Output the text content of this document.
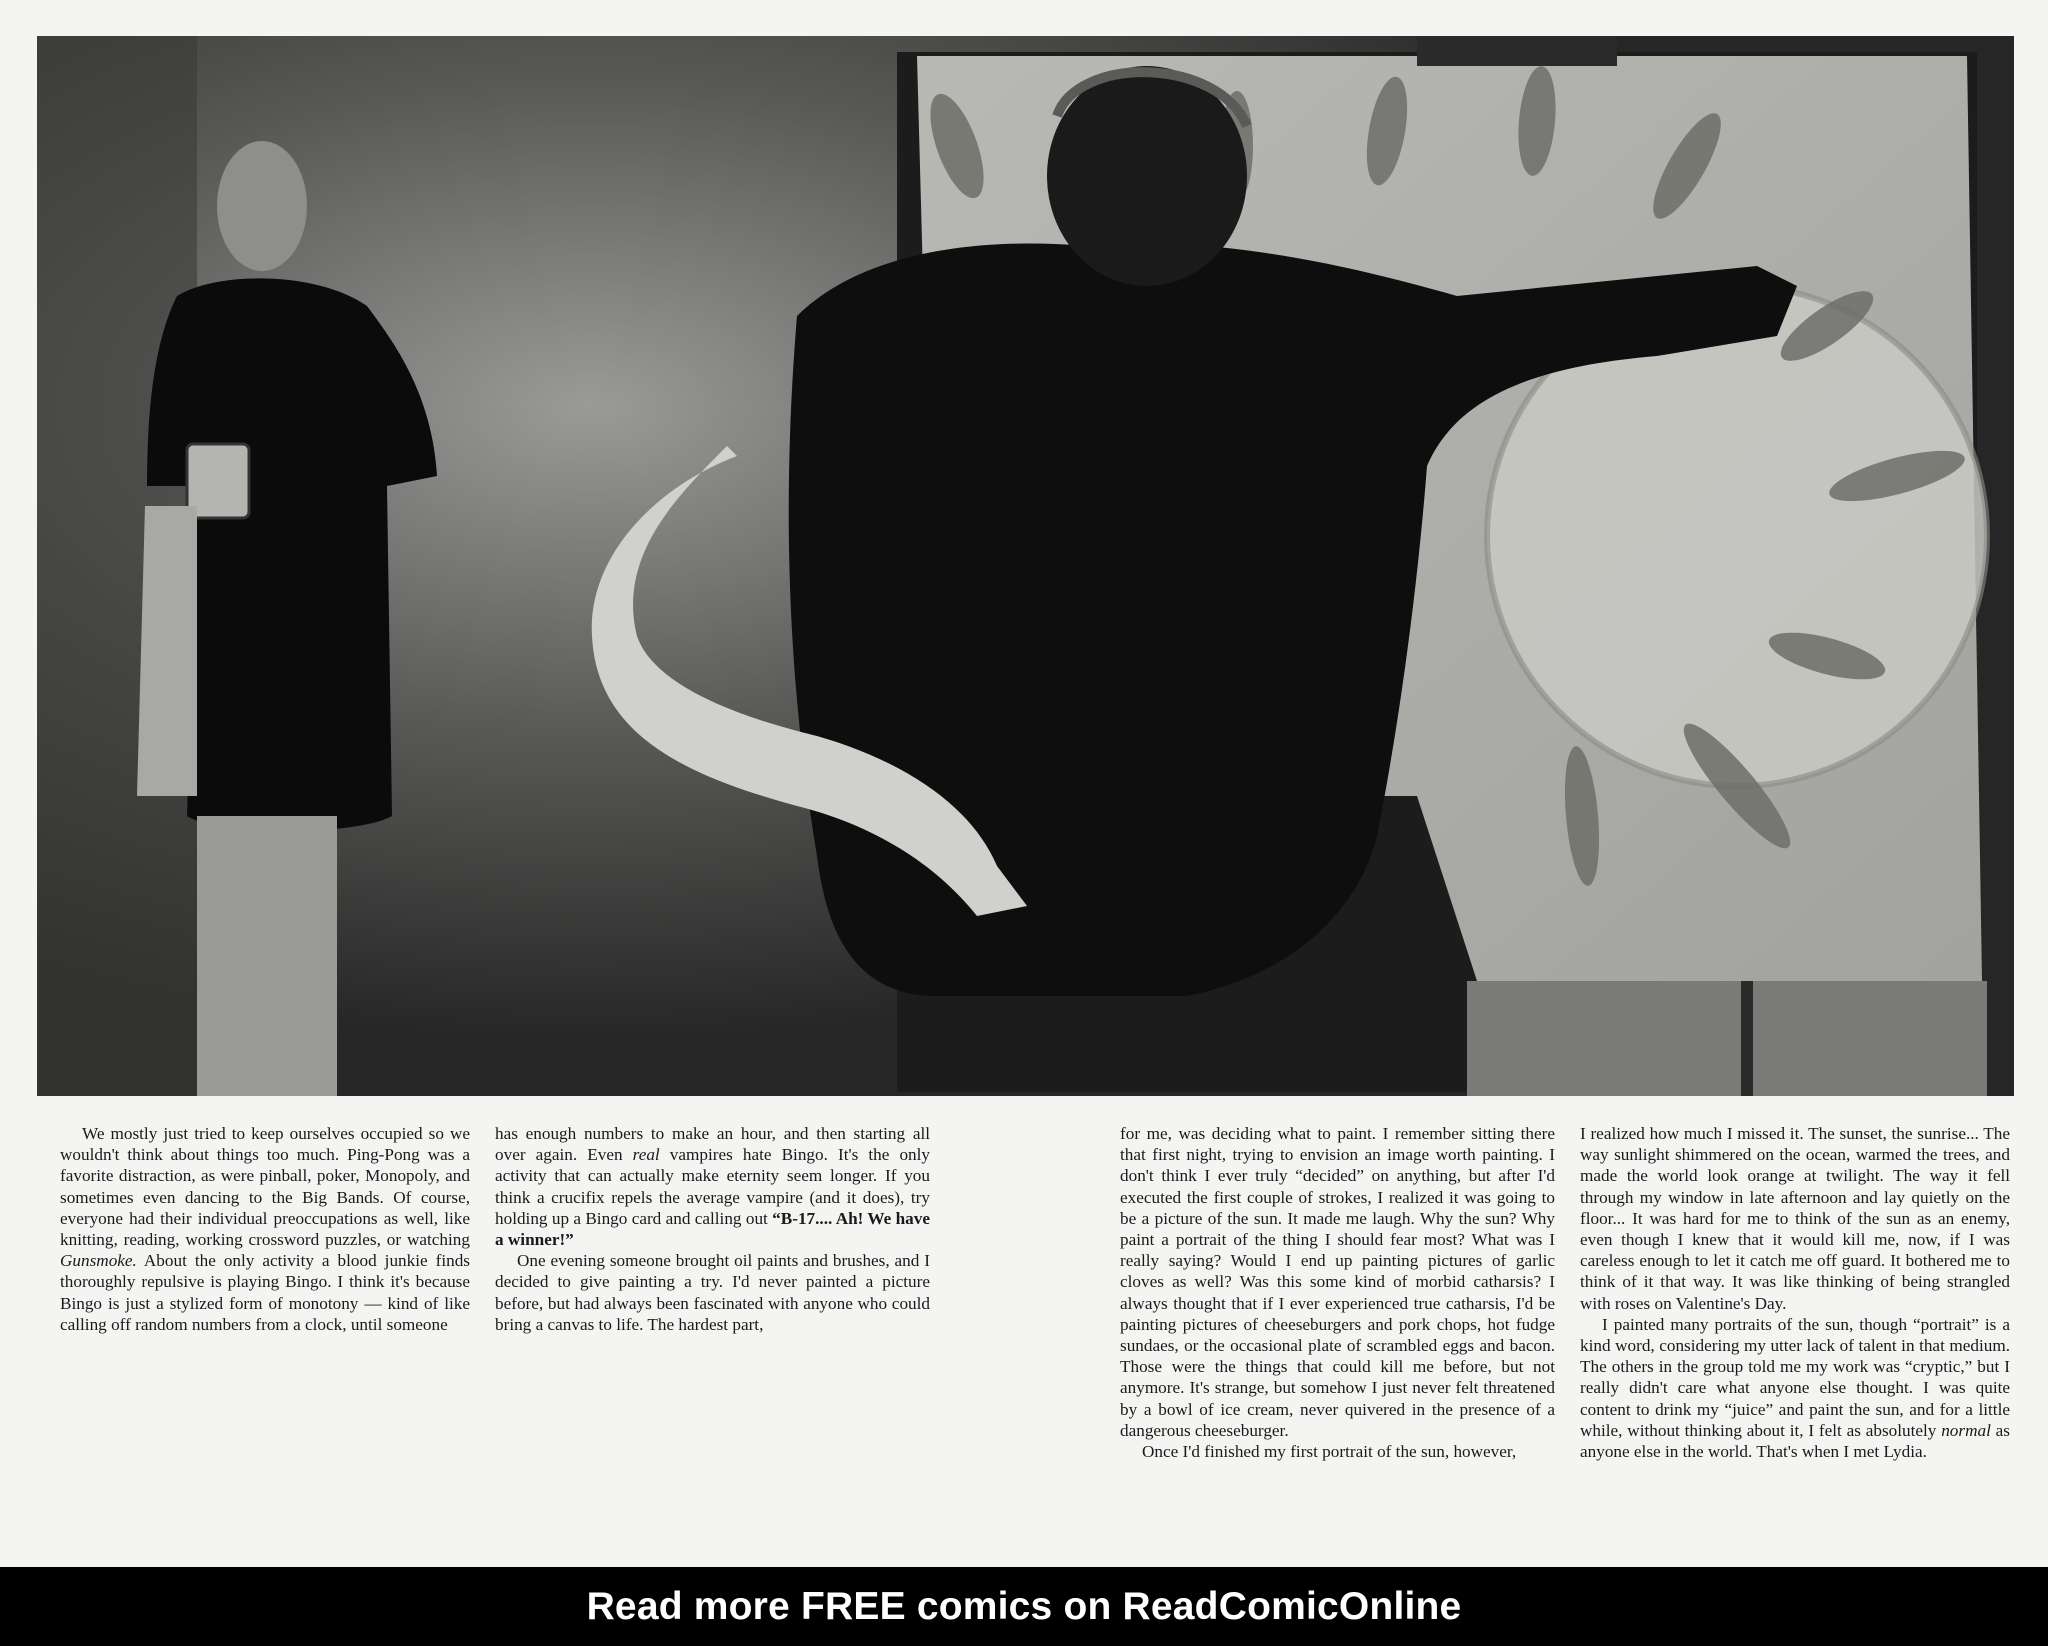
We mostly just tried to keep ourselves occupied so we wouldn't think about things too much. Ping-Pong was a favorite distraction, as were pinball, poker, Monopoly, and sometimes even dancing to the Big Bands. Of course, everyone had their individual preoccupations as well, like knitting, reading, working crossword puzzles, or watching Gunsmoke. About the only activity a blood junkie finds thoroughly repulsive is playing Bingo. I think it's because Bingo is just a stylized form of monotony — kind of like calling off random numbers from a clock, until someone

has enough numbers to make an hour, and then starting all over again. Even real vampires hate Bingo. It's the only activity that can actually make eternity seem longer. If you think a crucifix repels the average vampire (and it does), try holding up a Bingo card and calling out “B-17.... Ah! We have a winner!”

One evening someone brought oil paints and brushes, and I decided to give painting a try. I'd never painted a picture before, but had always been fascinated with anyone who could bring a canvas to life. The hardest part,

for me, was deciding what to paint. I remember sitting there that first night, trying to envision an image worth painting. I don't think I ever truly “decided” on anything, but after I'd executed the first couple of strokes, I realized it was going to be a picture of the sun. It made me laugh. Why the sun? Why paint a portrait of the thing I should fear most? What was I really saying? Would I end up painting pictures of garlic cloves as well? Was this some kind of morbid catharsis? I always thought that if I ever experienced true catharsis, I'd be painting pictures of cheeseburgers and pork chops, hot fudge sundaes, or the occasional plate of scrambled eggs and bacon. Those were the things that could kill me before, but not anymore. It's strange, but somehow I just never felt threatened by a bowl of ice cream, never quivered in the presence of a dangerous cheeseburger.

Once I'd finished my first portrait of the sun, however,

I realized how much I missed it. The sunset, the sunrise... The way sunlight shimmered on the ocean, warmed the trees, and made the world look orange at twilight. The way it fell through my window in late afternoon and lay quietly on the floor... It was hard for me to think of the sun as an enemy, even though I knew that it would kill me, now, if I was careless enough to let it catch me off guard. It bothered me to think of it that way. It was like thinking of being strangled with roses on Valentine's Day.

I painted many portraits of the sun, though “portrait” is a kind word, considering my utter lack of talent in that medium. The others in the group told me my work was “cryptic,” but I really didn't care what anyone else thought. I was quite content to drink my “juice” and paint the sun, and for a little while, without thinking about it, I felt as absolutely normal as anyone else in the world. That's when I met Lydia.

Read more FREE comics on ReadComicOnline
